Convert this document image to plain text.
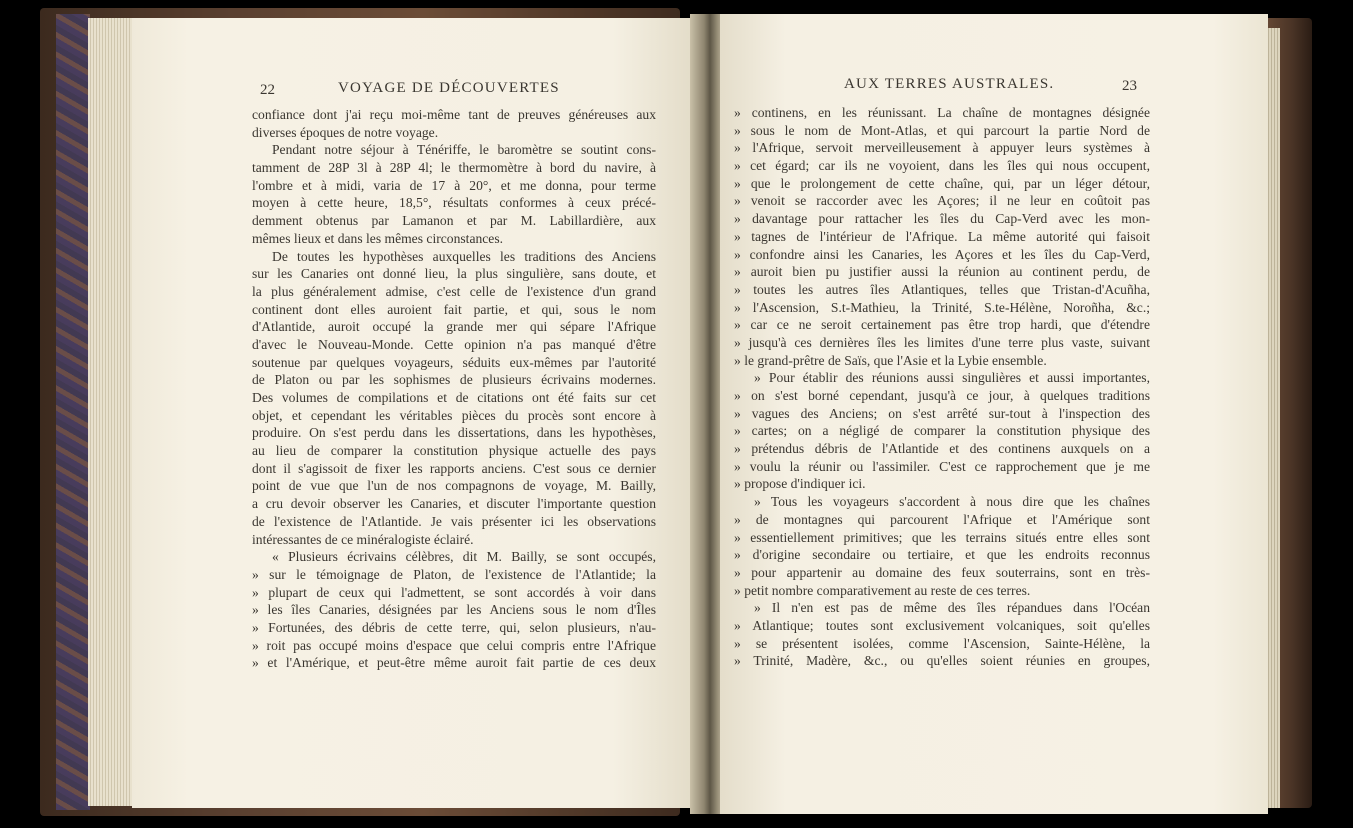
22	VOYAGE DE DÉCOUVERTES
confiance dont j'ai reçu moi-même tant de preuves généreuses aux
diverses époques de notre voyage.
Pendant notre séjour à Ténériffe, le baromètre se soutint cons-
tamment de 28P 3l à 28P 4l; le thermomètre à bord du navire, à
l'ombre et à midi, varia de 17 à 20°, et me donna, pour terme
moyen à cette heure, 18,5°, résultats conformes à ceux précé-
demment obtenus par Lamanon et par M. Labillardière, aux
mêmes lieux et dans les mêmes circonstances.
De toutes les hypothèses auxquelles les traditions des Anciens
sur les Canaries ont donné lieu, la plus singulière, sans doute, et
la plus généralement admise, c'est celle de l'existence d'un grand
continent dont elles auroient fait partie, et qui, sous le nom
d'Atlantide, auroit occupé la grande mer qui sépare l'Afrique
d'avec le Nouveau-Monde. Cette opinion n'a pas manqué d'être
soutenue par quelques voyageurs, séduits eux-mêmes par l'autorité
de Platon ou par les sophismes de plusieurs écrivains modernes.
Des volumes de compilations et de citations ont été faits sur cet
objet, et cependant les véritables pièces du procès sont encore à
produire. On s'est perdu dans les dissertations, dans les hypothèses,
au lieu de comparer la constitution physique actuelle des pays
dont il s'agissoit de fixer les rapports anciens. C'est sous ce dernier
point de vue que l'un de nos compagnons de voyage, M. Bailly,
a cru devoir observer les Canaries, et discuter l'importante question
de l'existence de l'Atlantide. Je vais présenter ici les observations
intéressantes de ce minéralogiste éclairé.
« Plusieurs écrivains célèbres, dit M. Bailly, se sont occupés,
» sur le témoignage de Platon, de l'existence de l'Atlantide; la
» plupart de ceux qui l'admettent, se sont accordés à voir dans
» les îles Canaries, désignées par les Anciens sous le nom d'Îles
» Fortunées, des débris de cette terre, qui, selon plusieurs, n'au-
» roit pas occupé moins d'espace que celui compris entre l'Afrique
» et l'Amérique, et peut-être même auroit fait partie de ces deux
AUX TERRES AUSTRALES.	23
» continens, en les réunissant. La chaîne de montagnes désignée
» sous le nom de Mont-Atlas, et qui parcourt la partie Nord de
» l'Afrique, servoit merveilleusement à appuyer leurs systèmes à
» cet égard; car ils ne voyoient, dans les îles qui nous occupent,
» que le prolongement de cette chaîne, qui, par un léger détour,
» venoit se raccorder avec les Açores; il ne leur en coûtoit pas
» davantage pour rattacher les îles du Cap-Verd avec les mon-
» tagnes de l'intérieur de l'Afrique. La même autorité qui faisoit
» confondre ainsi les Canaries, les Açores et les îles du Cap-Verd,
» auroit bien pu justifier aussi la réunion au continent perdu, de
» toutes les autres îles Atlantiques, telles que Tristan-d'Acuñha,
» l'Ascension, S.t-Mathieu, la Trinité, S.te-Hélène, Noroñha, &c.;
» car ce ne seroit certainement pas être trop hardi, que d'étendre
» jusqu'à ces dernières îles les limites d'une terre plus vaste, suivant
» le grand-prêtre de Saïs, que l'Asie et la Lybie ensemble.
» Pour établir des réunions aussi singulières et aussi importantes,
» on s'est borné cependant, jusqu'à ce jour, à quelques traditions
» vagues des Anciens; on s'est arrêté sur-tout à l'inspection des
» cartes; on a négligé de comparer la constitution physique des
» prétendus débris de l'Atlantide et des continens auxquels on a
» voulu la réunir ou l'assimiler. C'est ce rapprochement que je me
» propose d'indiquer ici.
» Tous les voyageurs s'accordent à nous dire que les chaînes
» de montagnes qui parcourent l'Afrique et l'Amérique sont
» essentiellement primitives; que les terrains situés entre elles sont
» d'origine secondaire ou tertiaire, et que les endroits reconnus
» pour appartenir au domaine des feux souterrains, sont en très-
» petit nombre comparativement au reste de ces terres.
» Il n'en est pas de même des îles répandues dans l'Océan
» Atlantique; toutes sont exclusivement volcaniques, soit qu'elles
» se présentent isolées, comme l'Ascension, Sainte-Hélène, la
» Trinité, Madère, &c., ou qu'elles soient réunies en groupes,
